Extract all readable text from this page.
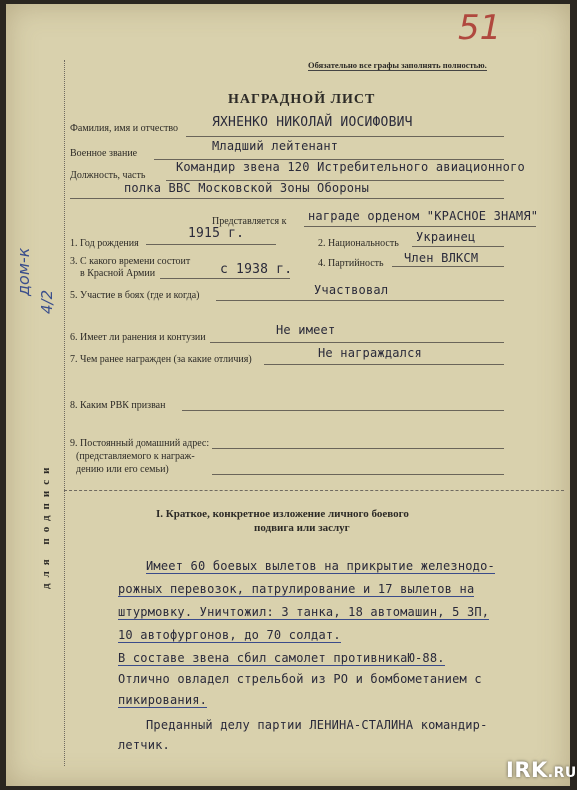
51
Обязательно все графы заполнять полностью.
НАГРАДНОЙ ЛИСТ
для подписи
дом-к
4/2
Фамилия, имя и отчество	ЯХНЕНКО НИКОЛАЙ ИОСИФОВИЧ
Военное звание
Младший лейтенант
Должность, часть
Командир звена 120 Истребительного авиационного
полка ВВС Московской Зоны Обороны
Представляется к награде орденом "КРАСНОЕ ЗНАМЯ"
1. Год рождения
1915 г.
2. Национальность Украинец
3. С какого времени состоит
в Красной Армии	с 1938 г.	4. Партийность Член ВЛКСМ
5. Участие в боях (где и когда)	Участвовал
6. Имеет ли ранения и контузии
Не имеет
7. Чем ранее награжден (за какие отличия)	Не награждался
8. Каким РВК призван
9. Постоянный домашний адрес:
(представляемого к награж-
дению или его семьи)
I. Краткое, конкретное изложение личного боевого
подвига или заслуг
Имеет 60 боевых вылетов на прикрытие железнодо-
рожных перевозок, патрулирование и 17 вылетов на
штурмовку. Уничтожил: 3 танка, 18 автомашин, 5 ЗП,
10 автофургонов, до 70 солдат.
В составе звена сбил самолет противникаЮ-88.
Отлично овладел стрельбой из РО и бомбометанием с
пикирования.
Преданный делу партии ЛЕНИНА-СТАЛИНА командир-
летчик.
IRK.RU
